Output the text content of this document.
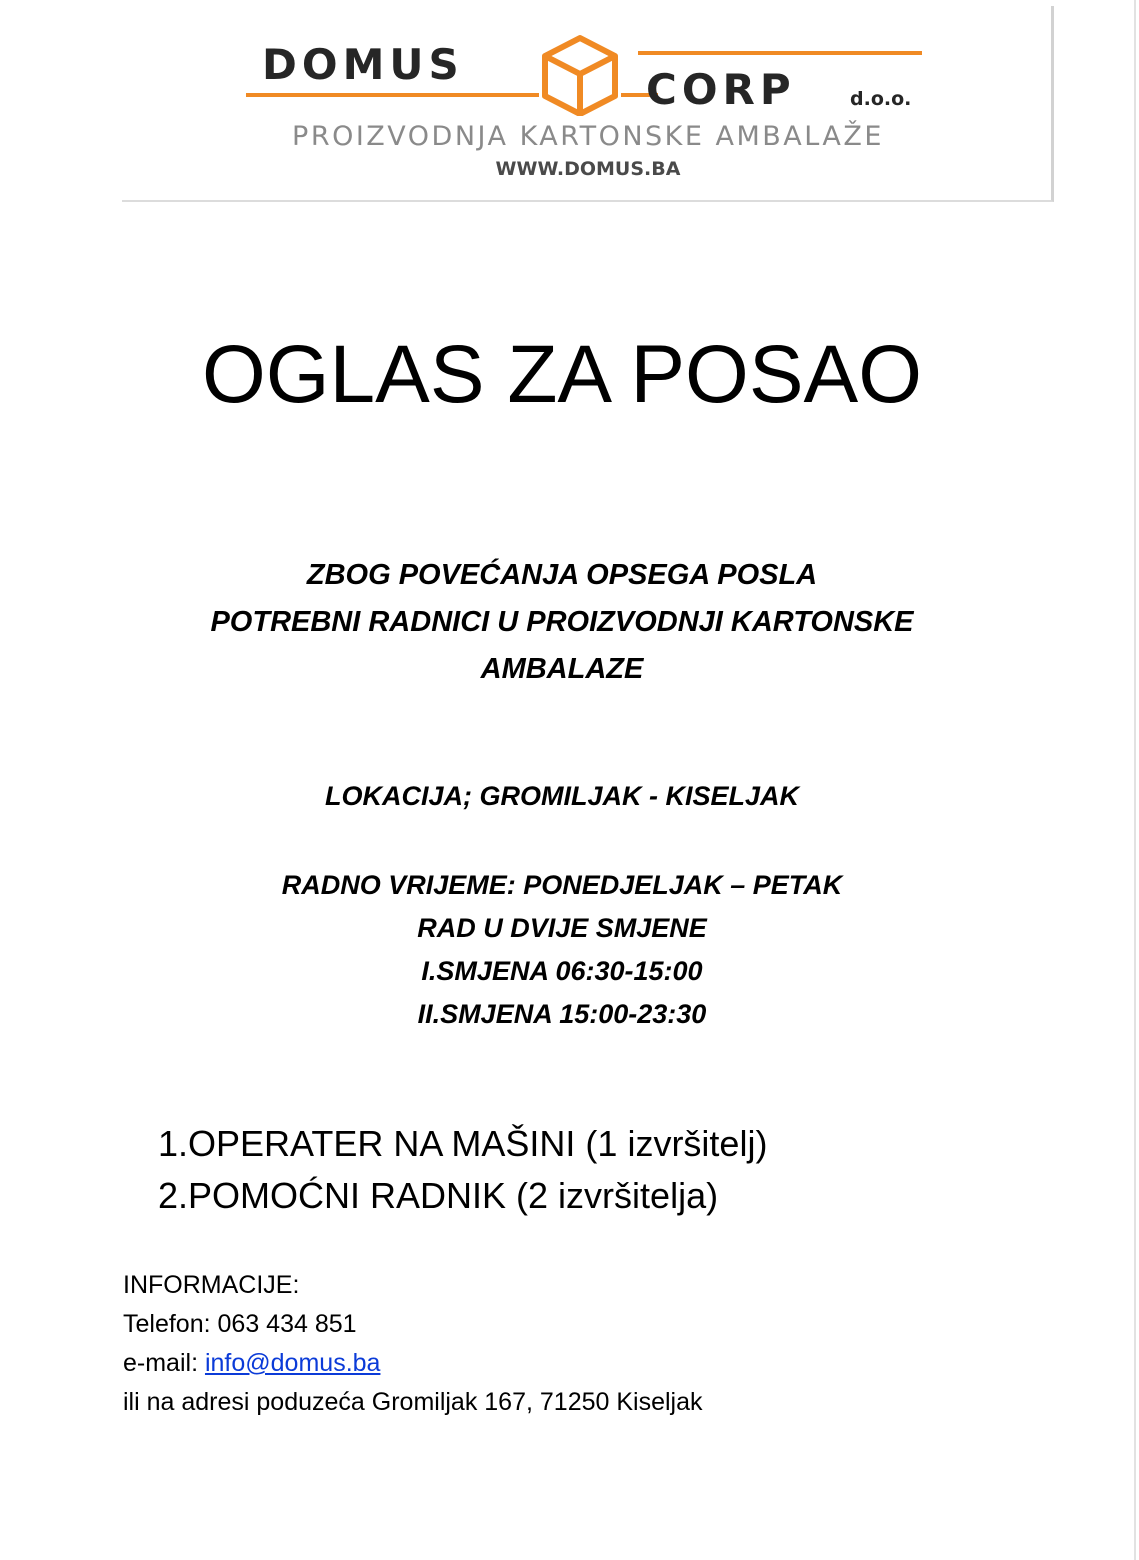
DOMUS
CORP	d.o.o.
PROIZVODNJA KARTONSKE AMBALAŽE
WWW.DOMUS.BA
OGLAS ZA POSAO
ZBOG POVEĆANJA OPSEGA POSLA
POTREBNI RADNICI U PROIZVODNJI KARTONSKE
AMBALAZE
LOKACIJA; GROMILJAK - KISELJAK
RADNO VRIJEME: PONEDJELJAK – PETAK
RAD U DVIJE SMJENE
I.SMJENA 06:30-15:00
II.SMJENA 15:00-23:30
1.OPERATER NA MAŠINI (1 izvršitelj)
2.POMOĆNI RADNIK (2 izvršitelja)
INFORMACIJE:
Telefon: 063 434 851
e-mail: info@domus.ba
ili na adresi poduzeća Gromiljak 167, 71250 Kiseljak
